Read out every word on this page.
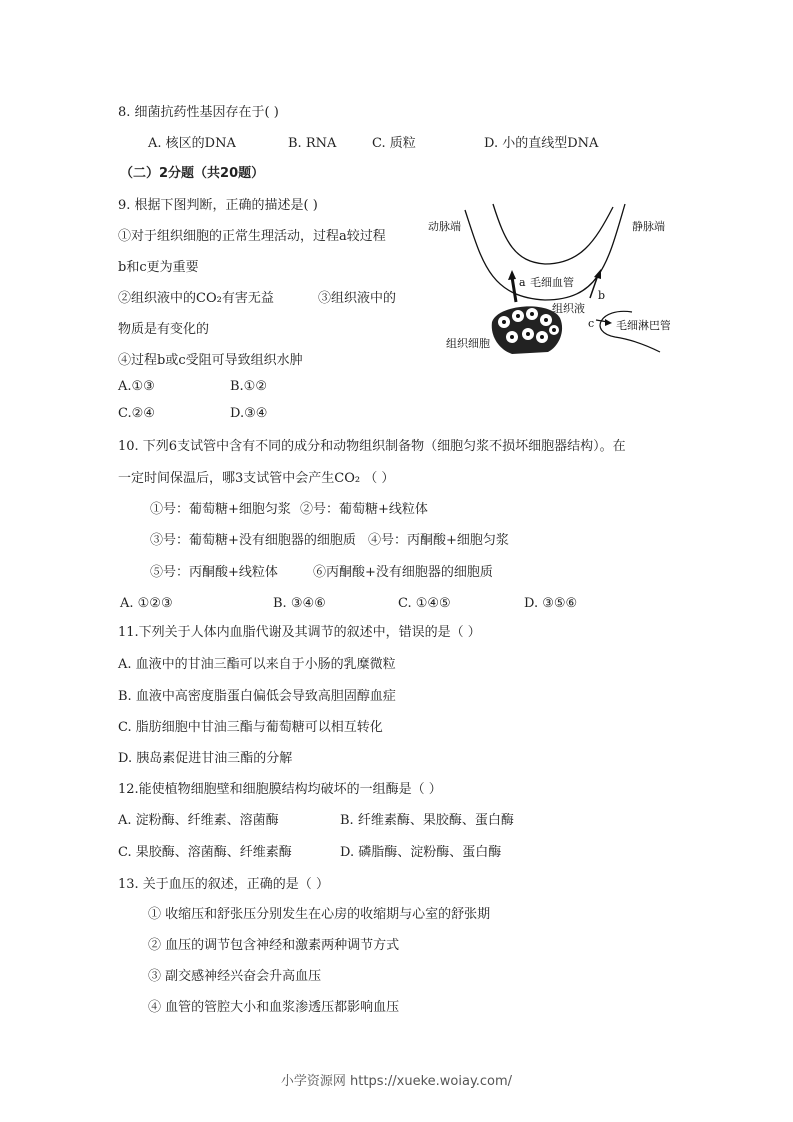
8. 细菌抗药性基因存在于( )
A. 核区的DNA	B. RNA	C. 质粒	D. 小的直线型DNA
（二）2分题（共20题）
9. 根据下图判断，正确的描述是( )
①对于组织细胞的正常生理活动，过程a较过程
b和c更为重要
②组织液中的CO₂有害无益	③组织液中的
物质是有变化的
④过程b或c受阻可导致组织水肿
A.①③	B.①②
C.②④	D.③④
动脉端	静脉端
毛细血管
组织液
组织细胞
毛细淋巴管
a
b
c
10. 下列6支试管中含有不同的成分和动物组织制备物（细胞匀浆不损坏细胞器结构）。在
一定时间保温后，哪3支试管中会产生CO₂ （ ）
①号：葡萄糖+细胞匀浆 ②号：葡萄糖+线粒体
③号：葡萄糖+没有细胞器的细胞质 ④号：丙酮酸+细胞匀浆
⑤号：丙酮酸+线粒体	⑥丙酮酸+没有细胞器的细胞质
A. ①②③	B. ③④⑥	C. ①④⑤	D. ③⑤⑥
11.下列关于人体内血脂代谢及其调节的叙述中，错误的是（ ）
A. 血液中的甘油三酯可以来自于小肠的乳糜微粒
B. 血液中高密度脂蛋白偏低会导致高胆固醇血症
C. 脂肪细胞中甘油三酯与葡萄糖可以相互转化
D. 胰岛素促进甘油三酯的分解
12.能使植物细胞壁和细胞膜结构均破坏的一组酶是（ ）
A. 淀粉酶、纤维素、溶菌酶	B. 纤维素酶、果胶酶、蛋白酶
C. 果胶酶、溶菌酶、纤维素酶	D. 磷脂酶、淀粉酶、蛋白酶
13. 关于血压的叙述，正确的是（ ）
① 收缩压和舒张压分别发生在心房的收缩期与心室的舒张期
② 血压的调节包含神经和激素两种调节方式
③ 副交感神经兴奋会升高血压
④ 血管的管腔大小和血浆渗透压都影响血压
小学资源网 https://xueke.woiay.com/
